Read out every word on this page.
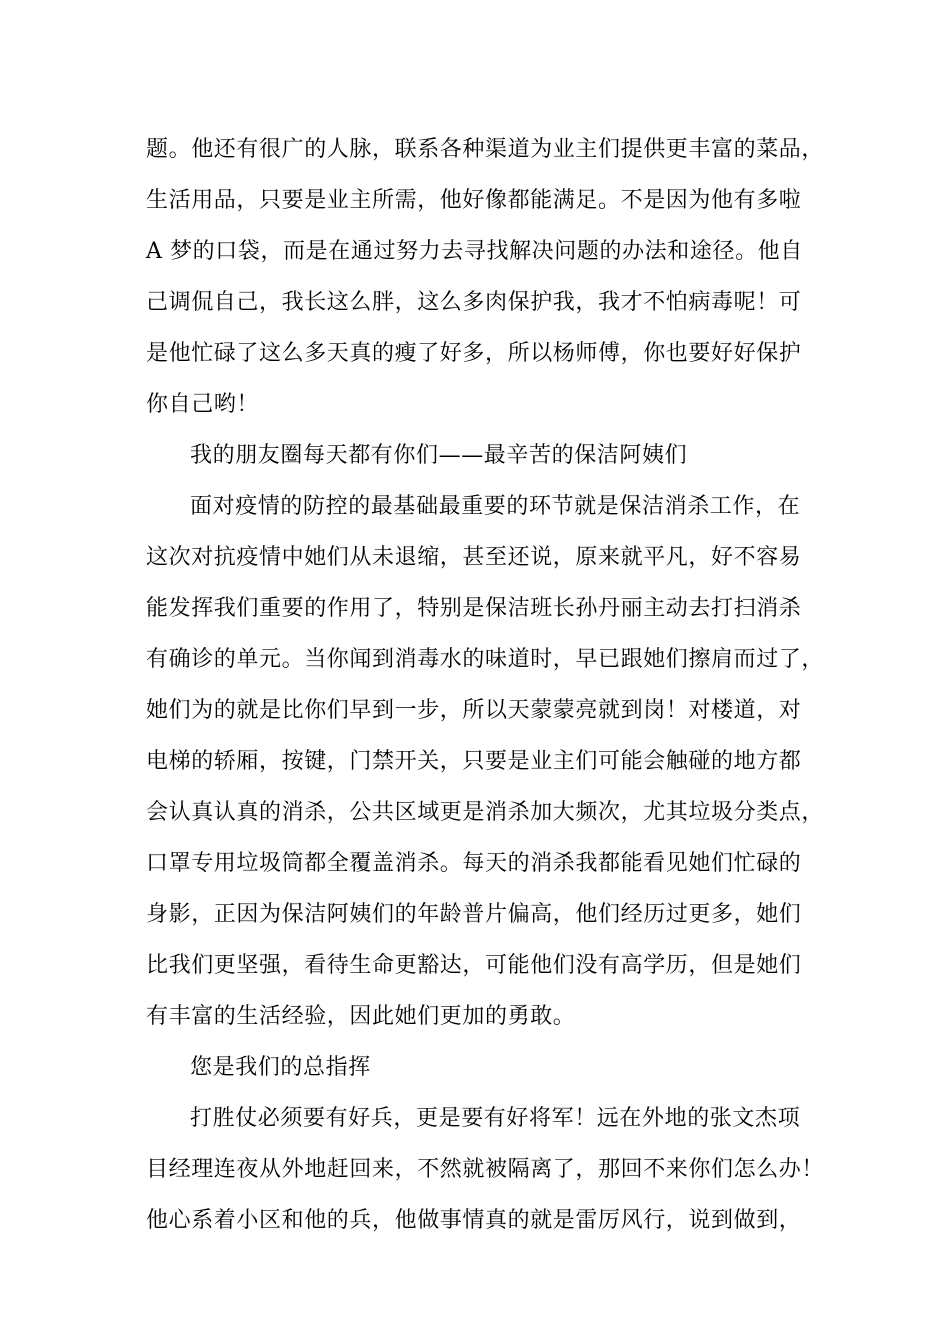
题。他还有很广的人脉，联系各种渠道为业主们提供更丰富的菜品，
生活用品，只要是业主所需，他好像都能满足。不是因为他有多啦
A 梦的口袋，而是在通过努力去寻找解决问题的办法和途径。他自
己调侃自己，我长这么胖，这么多肉保护我，我才不怕病毒呢！可
是他忙碌了这么多天真的瘦了好多，所以杨师傅，你也要好好保护
你自己哟！
我的朋友圈每天都有你们——最辛苦的保洁阿姨们
面对疫情的防控的最基础最重要的环节就是保洁消杀工作，在
这次对抗疫情中她们从未退缩，甚至还说，原来就平凡，好不容易
能发挥我们重要的作用了，特别是保洁班长孙丹丽主动去打扫消杀
有确诊的单元。当你闻到消毒水的味道时，早已跟她们擦肩而过了，
她们为的就是比你们早到一步，所以天蒙蒙亮就到岗！对楼道，对
电梯的轿厢，按键，门禁开关，只要是业主们可能会触碰的地方都
会认真认真的消杀，公共区域更是消杀加大频次，尤其垃圾分类点，
口罩专用垃圾筒都全覆盖消杀。每天的消杀我都能看见她们忙碌的
身影，正因为保洁阿姨们的年龄普片偏高，他们经历过更多，她们
比我们更坚强，看待生命更豁达，可能他们没有高学历，但是她们
有丰富的生活经验，因此她们更加的勇敢。
您是我们的总指挥
打胜仗必须要有好兵，更是要有好将军！远在外地的张文杰项
目经理连夜从外地赶回来，不然就被隔离了，那回不来你们怎么办！
他心系着小区和他的兵，他做事情真的就是雷厉风行，说到做到，
